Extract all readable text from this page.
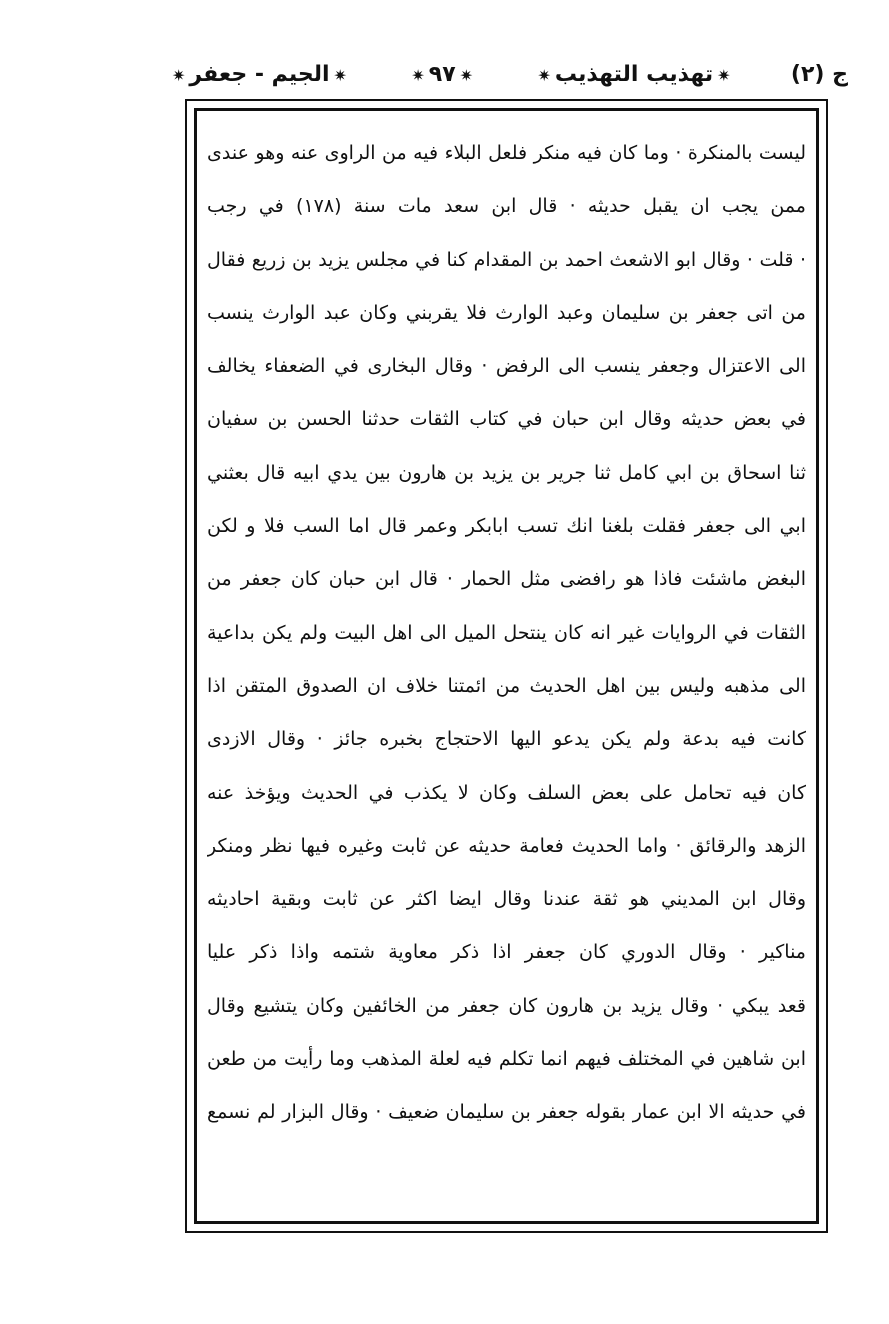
ج (٢)
✷تهذيب التهذيب✷
✷٩٧✷
✷الجيم - جعفر✷
ليست بالمنكرة · وما كان فيه منكر فلعل البلاء فيه من الراوى عنه وهو عندى
ممن يجب ان يقبل حديثه · قال ابن سعد مات سنة (١٧٨) في رجب
· قلت · وقال ابو الاشعث احمد بن المقدام كنا في مجلس يزيد بن زريع فقال
من اتى جعفر بن سليمان وعبد الوارث فلا يقربني وكان عبد الوارث ينسب
الى الاعتزال وجعفر ينسب الى الرفض · وقال البخارى في الضعفاء يخالف
في بعض حديثه وقال ابن حبان في كتاب الثقات حدثنا الحسن بن سفيان
ثنا اسحاق بن ابي كامل ثنا جرير بن يزيد بن هارون بين يدي ابيه قال بعثني
ابي الى جعفر فقلت بلغنا انك تسب ابابكر وعمر قال اما السب فلا و لكن
البغض ماشئت فاذا هو رافضى مثل الحمار · قال ابن حبان كان جعفر من
الثقات في الروايات غير انه كان ينتحل الميل الى اهل البيت ولم يكن بداعية
الى مذهبه وليس بين اهل الحديث من ائمتنا خلاف ان الصدوق المتقن اذا
كانت فيه بدعة ولم يكن يدعو اليها الاحتجاج بخبره جائز · وقال الازدى
كان فيه تحامل على بعض السلف وكان لا يكذب في الحديث ويؤخذ عنه
الزهد والرقائق · واما الحديث فعامة حديثه عن ثابت وغيره فيها نظر ومنكر
وقال ابن المديني هو ثقة عندنا وقال ايضا اكثر عن ثابت وبقية احاديثه
مناكير · وقال الدوري كان جعفر اذا ذكر معاوية شتمه واذا ذكر عليا
قعد يبكي · وقال يزيد بن هارون كان جعفر من الخائفين وكان يتشيع وقال
ابن شاهين في المختلف فيهم انما تكلم فيه لعلة المذهب وما رأيت من طعن
في حديثه الا ابن عمار بقوله جعفر بن سليمان ضعيف · وقال البزار لم نسمع
